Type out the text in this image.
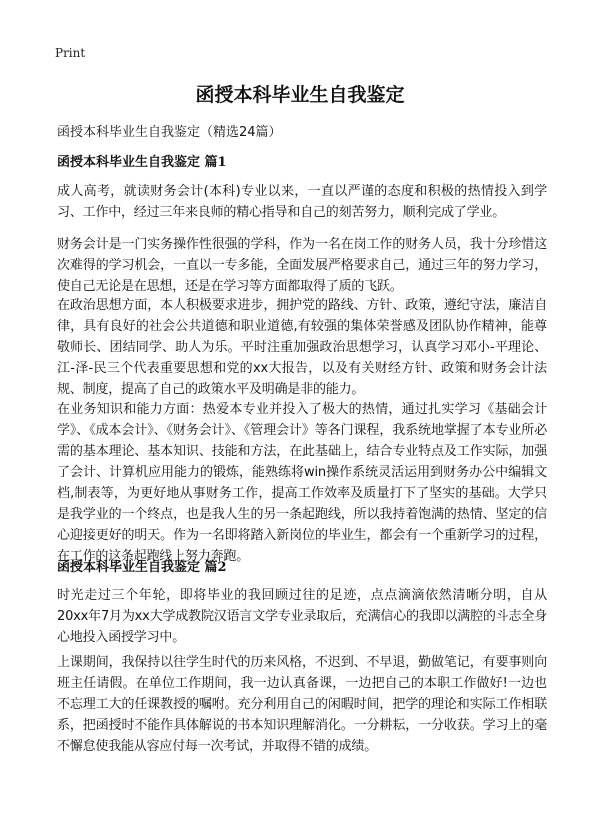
Print
函授本科毕业生自我鉴定

函授本科毕业生自我鉴定（精选24篇）

函授本科毕业生自我鉴定 篇1

成人高考，就读财务会计(本科)专业以来，一直以严谨的态度和积极的热情投入到学习、工作中，经过三年来良师的精心指导和自己的刻苦努力，顺利完成了学业。

财务会计是一门实务操作性很强的学科，作为一名在岗工作的财务人员，我十分珍惜这次难得的学习机会，一直以一专多能，全面发展严格要求自己，通过三年的努力学习，使自己无论是在思想，还是在学习等方面都取得了质的飞跃。

在政治思想方面，本人积极要求进步，拥护党的路线、方针、政策，遵纪守法，廉洁自律，具有良好的社会公共道德和职业道德,有较强的集体荣誉感及团队协作精神，能尊敬师长、团结同学、助人为乐。平时注重加强政治思想学习，认真学习邓小-平理论、江-泽-民三个代表重要思想和党的xx大报告，以及有关财经方针、政策和财务会计法规、制度，提高了自己的政策水平及明确是非的能力。

在业务知识和能力方面：热爱本专业并投入了极大的热情，通过扎实学习《基础会计学》、《成本会计》、《财务会计》、《管理会计》等各门课程，我系统地掌握了本专业所必需的基本理论、基本知识、技能和方法，在此基础上，结合专业特点及工作实际，加强了会计、计算机应用能力的锻炼，能熟练将win操作系统灵活运用到财务办公中编辑文档,制表等，为更好地从事财务工作，提高工作效率及质量打下了坚实的基础。大学只是我学业的一个终点，也是我人生的另一条起跑线，所以我持着饱满的热情、坚定的信心迎接更好的明天。作为一名即将踏入新岗位的毕业生，都会有一个重新学习的过程，在工作的这条起跑线上努力奔跑。

函授本科毕业生自我鉴定 篇2

时光走过三个年轮，即将毕业的我回顾过往的足迹，点点滴滴依然清晰分明，自从20xx年7月为xx大学成教院汉语言文学专业录取后，充满信心的我即以满腔的斗志全身心地投入函授学习中。

上课期间，我保持以往学生时代的历来风格，不迟到、不早退，勤做笔记，有要事则向班主任请假。在单位工作期间，我一边认真备课，一边把自己的本职工作做好!一边也不忘理工大的任课教授的嘱咐。充分利用自己的闲暇时间，把学的理论和实际工作相联系，把函授时不能作具体解说的书本知识理解消化。一分耕耘，一分收获。学习上的毫不懈怠使我能从容应付每一次考试，并取得不错的成绩。
